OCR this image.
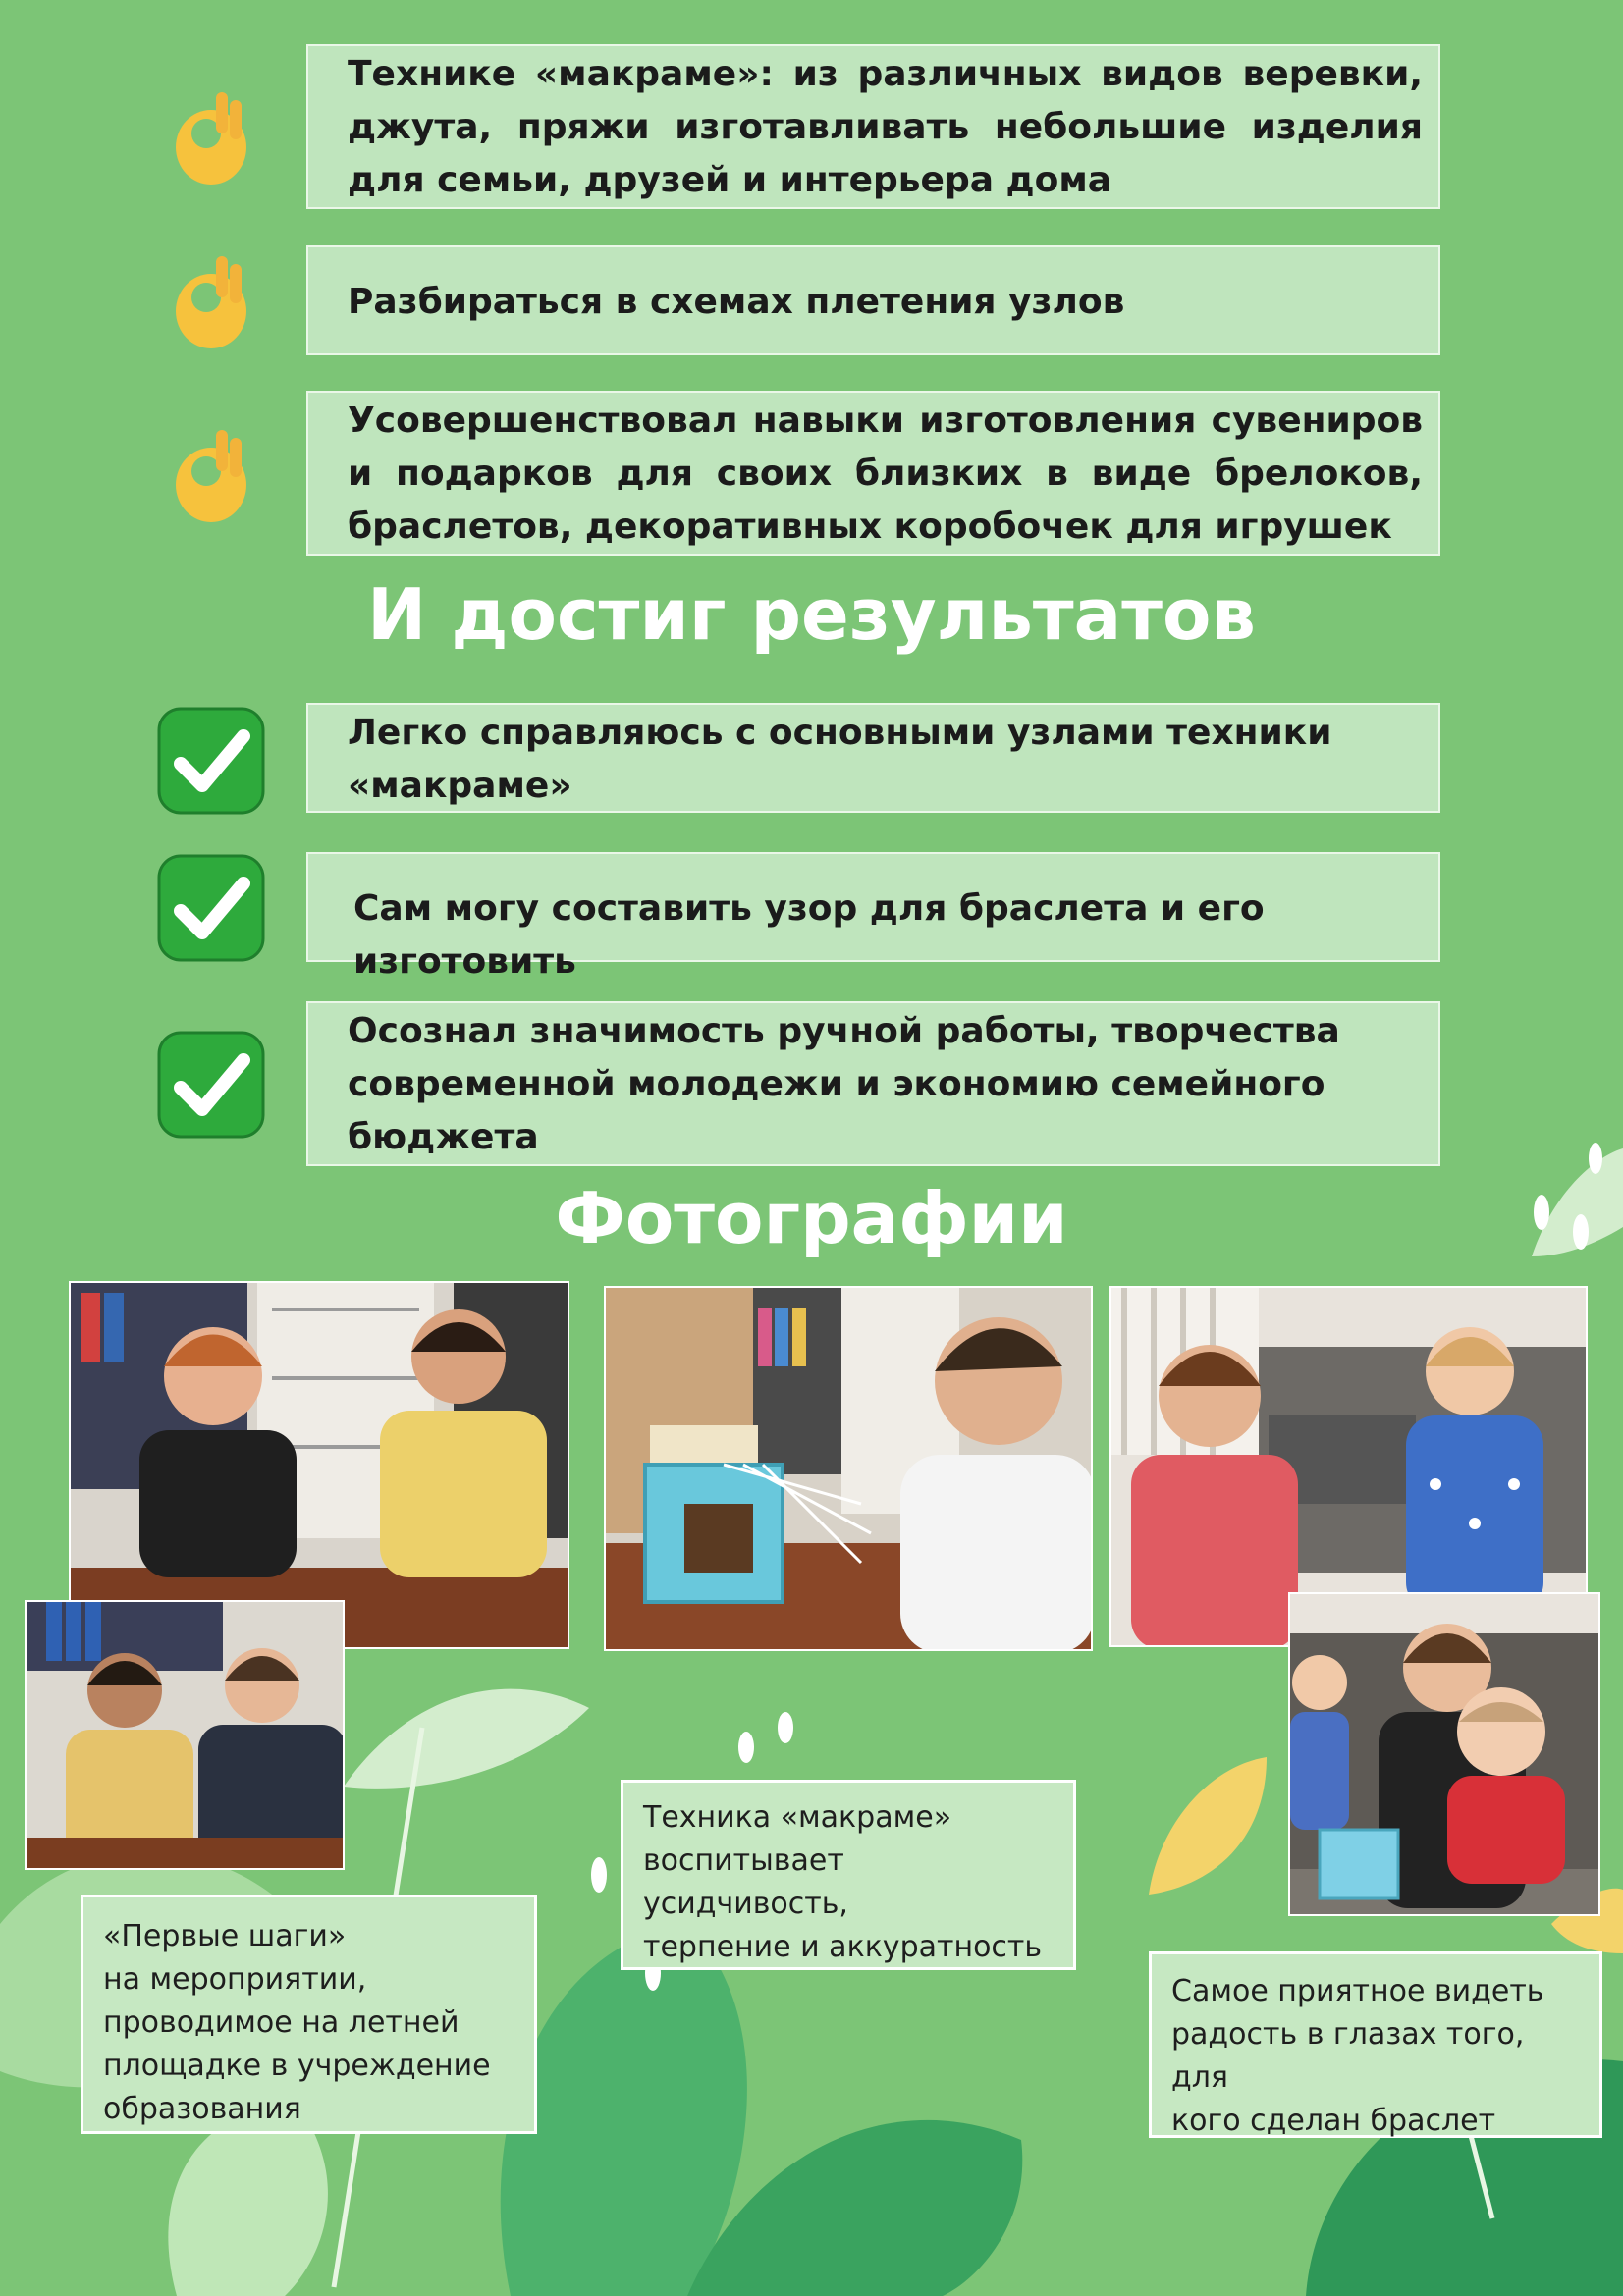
Технике «макраме»: из различных видов веревки, джута, пряжи изготавливать небольшие изделия для семьи, друзей и интерьера дома

Разбираться в схемах плетения узлов

Усовершенствовал навыки изготовления сувениров и подарков для своих близких в виде брелоков, браслетов, декоративных коробочек для игрушек

И достиг результатов

Легко справляюсь с основными узлами техники «макраме»

Сам могу составить узор для браслета и его изготовить

Осознал значимость ручной работы, творчества современной молодежи и экономию семейного бюджета

Фотографии
«Первые шаги»
на мероприятии,
проводимое на летней
площадке в учреждение
образования
Техника «макраме»
воспитывает усидчивость,
терпение и аккуратность
Самое приятное видеть
радость в глазах того, для
кого сделан браслет
